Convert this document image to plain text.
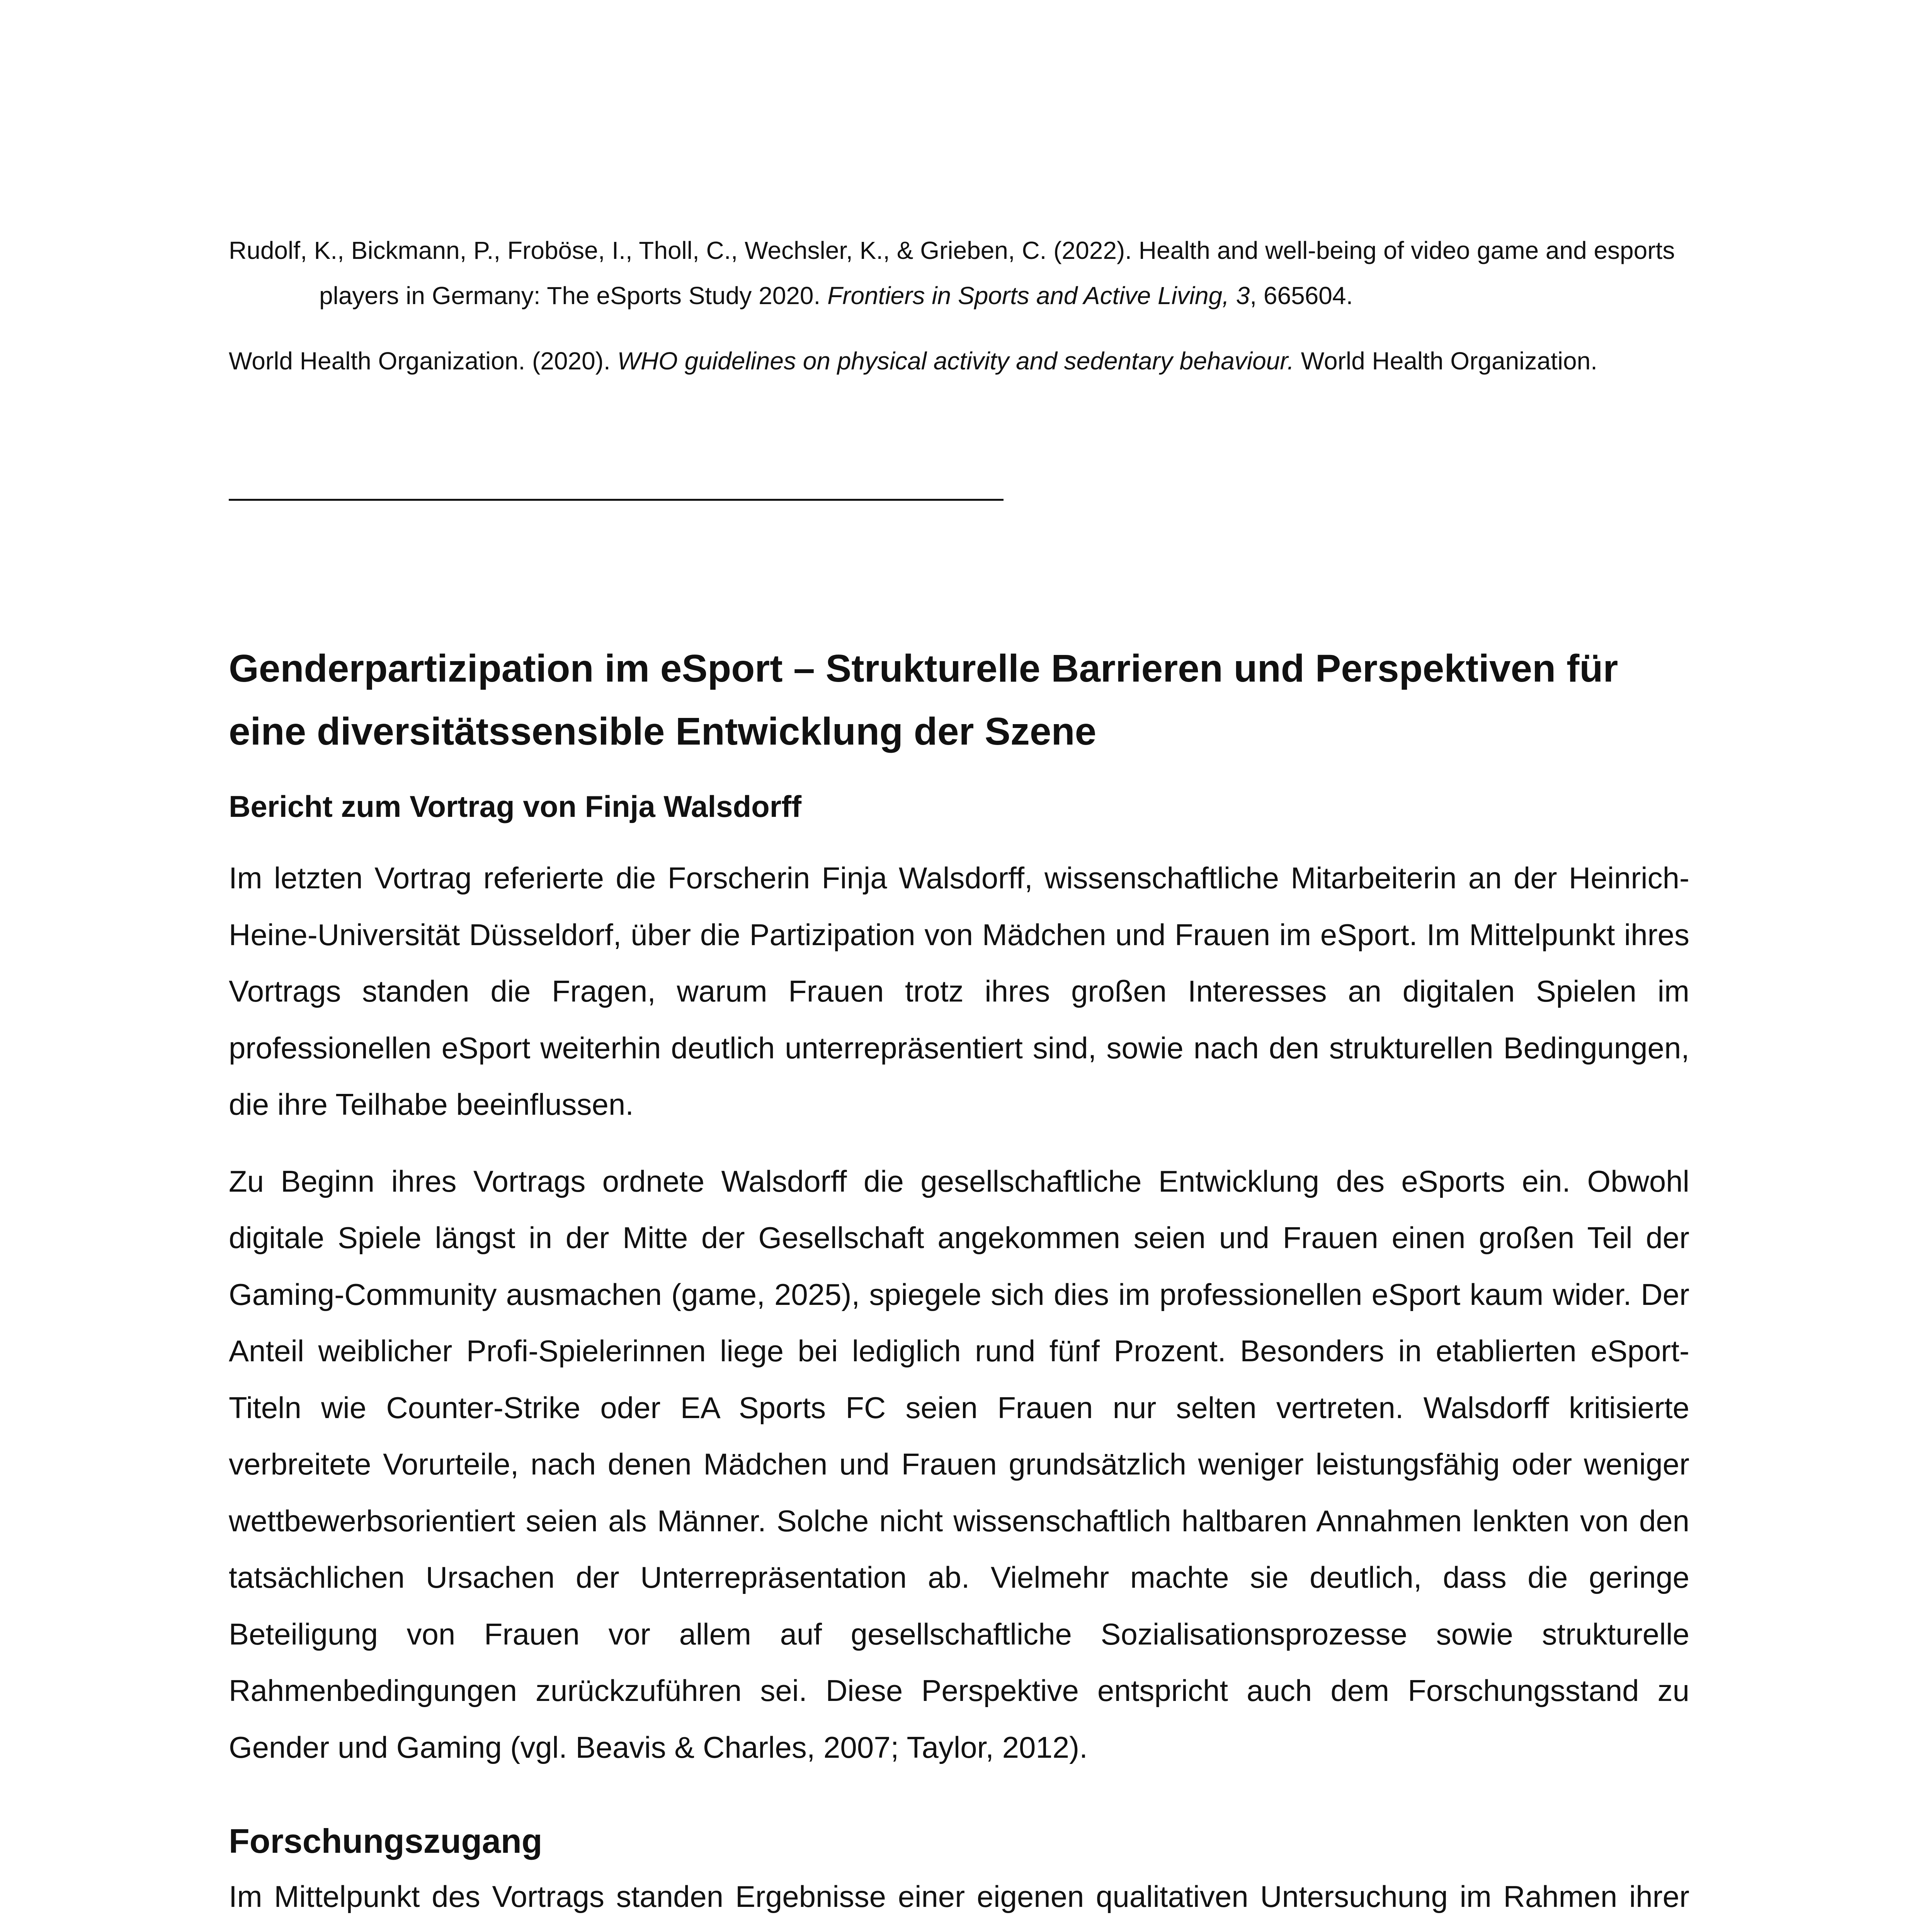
Rudolf, K., Bickmann, P., Froböse, I., Tholl, C., Wechsler, K., & Grieben, C. (2022). Health and well-being of video game and esports players in Germany: The eSports Study 2020. Frontiers in Sports and Active Living, 3, 665604.

World Health Organization. (2020). WHO guidelines on physical activity and sedentary behaviour. World Health Organization.

Genderpartizipation im eSport – Strukturelle Barrieren und Perspektiven für eine diversitätssensible Entwicklung der Szene
Bericht zum Vortrag von Finja Walsdorff

Im letzten Vortrag referierte die Forscherin Finja Walsdorff, wissenschaftliche Mitarbeiterin an der Heinrich-Heine-Universität Düsseldorf, über die Partizipation von Mädchen und Frauen im eSport. Im Mittelpunkt ihres Vortrags standen die Fragen, warum Frauen trotz ihres großen Interesses an digitalen Spielen im professionellen eSport weiterhin deutlich unterrepräsentiert sind, sowie nach den strukturellen Bedingungen, die ihre Teilhabe beeinflussen.

Zu Beginn ihres Vortrags ordnete Walsdorff die gesellschaftliche Entwicklung des eSports ein. Obwohl digitale Spiele längst in der Mitte der Gesellschaft angekommen seien und Frauen einen großen Teil der Gaming-Community ausmachen (game, 2025), spiegele sich dies im professionellen eSport kaum wider. Der Anteil weiblicher Profi-Spielerinnen liege bei lediglich rund fünf Prozent. Besonders in etablierten eSport-Titeln wie Counter-Strike oder EA Sports FC seien Frauen nur selten vertreten. Walsdorff kritisierte verbreitete Vorurteile, nach denen Mädchen und Frauen grundsätzlich weniger leistungsfähig oder weniger wettbewerbsorientiert seien als Männer. Solche nicht wissenschaftlich haltbaren Annahmen lenkten von den tatsächlichen Ursachen der Unterrepräsentation ab. Vielmehr machte sie deutlich, dass die geringe Beteiligung von Frauen vor allem auf gesellschaftliche Sozialisationsprozesse sowie strukturelle Rahmenbedingungen zurückzuführen sei. Diese Perspektive entspricht auch dem Forschungsstand zu Gender und Gaming (vgl. Beavis & Charles, 2007; Taylor, 2012).

Forschungszugang

Im Mittelpunkt des Vortrags standen Ergebnisse einer eigenen qualitativen Untersuchung im Rahmen ihrer
